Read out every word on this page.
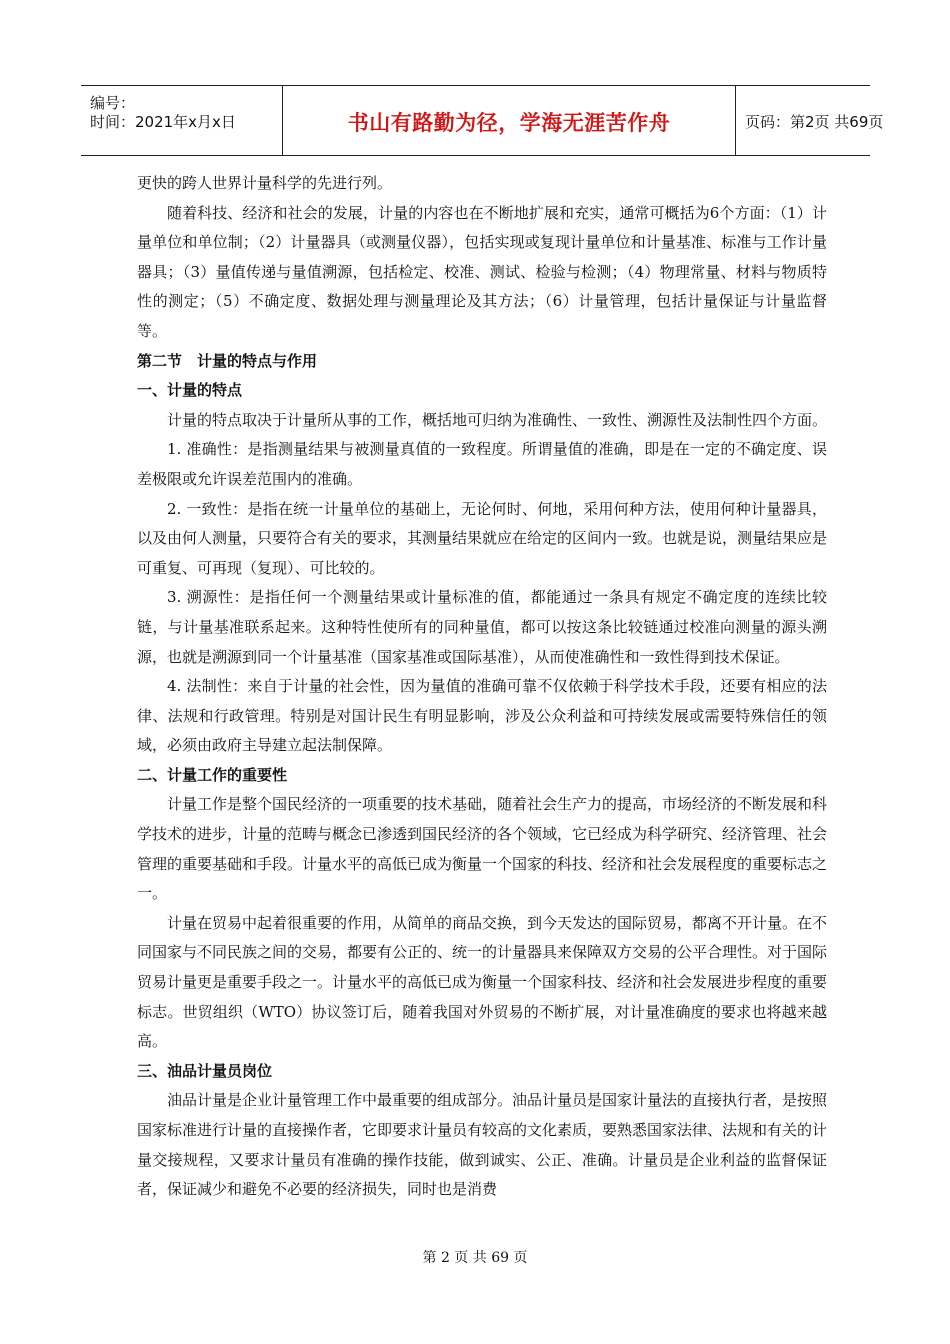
编号：
时间：2021年x月x日	书山有路勤为径，学海无涯苦作舟	页码：第2页 共69页

更快的跨人世界计量科学的先进行列。

随着科技、经济和社会的发展，计量的内容也在不断地扩展和充实，通常可概括为6个方面：（1）计量单位和单位制；（2）计量器具（或测量仪器），包括实现或复现计量单位和计量基准、标准与工作计量器具；（3）量值传递与量值溯源，包括检定、校准、测试、检验与检测；（4）物理常量、材料与物质特性的测定；（5）不确定度、数据处理与测量理论及其方法；（6）计量管理，包括计量保证与计量监督等。

第二节　计量的特点与作用

一、计量的特点

计量的特点取决于计量所从事的工作，概括地可归纳为准确性、一致性、溯源性及法制性四个方面。

1. 准确性：是指测量结果与被测量真值的一致程度。所谓量值的准确，即是在一定的不确定度、误差极限或允许误差范围内的准确。

2. 一致性：是指在统一计量单位的基础上，无论何时、何地，采用何种方法，使用何种计量器具，以及由何人测量，只要符合有关的要求，其测量结果就应在给定的区间内一致。也就是说，测量结果应是可重复、可再现（复现）、可比较的。

3. 溯源性：是指任何一个测量结果或计量标准的值，都能通过一条具有规定不确定度的连续比较链，与计量基准联系起来。这种特性使所有的同种量值，都可以按这条比较链通过校准向测量的源头溯源，也就是溯源到同一个计量基准（国家基准或国际基准），从而使准确性和一致性得到技术保证。

4. 法制性：来自于计量的社会性，因为量值的准确可靠不仅依赖于科学技术手段，还要有相应的法律、法规和行政管理。特别是对国计民生有明显影响，涉及公众利益和可持续发展或需要特殊信任的领域，必须由政府主导建立起法制保障。

二、计量工作的重要性

计量工作是整个国民经济的一项重要的技术基础，随着社会生产力的提高，市场经济的不断发展和科学技术的进步，计量的范畴与概念已渗透到国民经济的各个领域，它已经成为科学研究、经济管理、社会管理的重要基础和手段。计量水平的高低已成为衡量一个国家的科技、经济和社会发展程度的重要标志之一。

计量在贸易中起着很重要的作用，从简单的商品交换，到今天发达的国际贸易，都离不开计量。在不同国家与不同民族之间的交易，都要有公正的、统一的计量器具来保障双方交易的公平合理性。对于国际贸易计量更是重要手段之一。计量水平的高低已成为衡量一个国家科技、经济和社会发展进步程度的重要标志。世贸组织（WTO）协议签订后，随着我国对外贸易的不断扩展，对计量准确度的要求也将越来越高。

三、油品计量员岗位

油品计量是企业计量管理工作中最重要的组成部分。油品计量员是国家计量法的直接执行者，是按照国家标准进行计量的直接操作者，它即要求计量员有较高的文化素质，要熟悉国家法律、法规和有关的计量交接规程，又要求计量员有准确的操作技能，做到诚实、公正、准确。计量员是企业利益的监督保证者，保证减少和避免不必要的经济损失，同时也是消费

第 2 页 共 69 页
